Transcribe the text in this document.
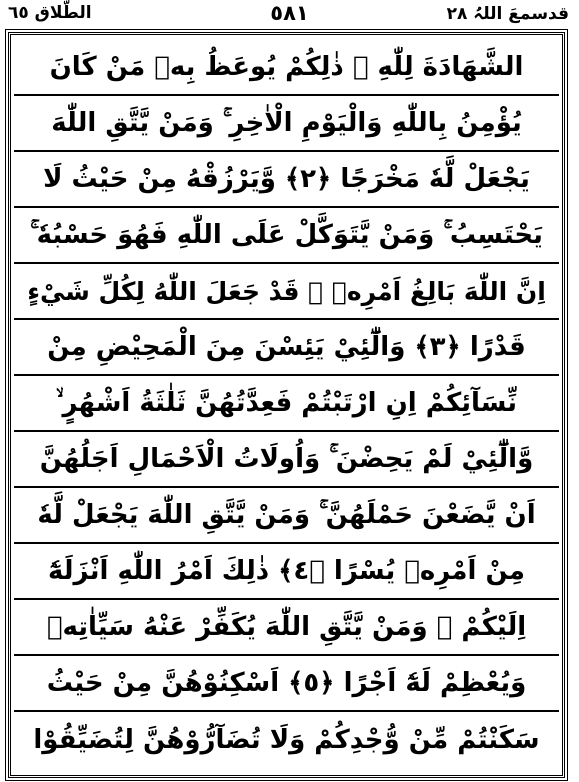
قدسمعَ اللہُ ۲۸
٥٨١
الطّلاق ٦٥
الشَّهَادَةَ لِلّٰهِ ۚ ذٰلِكُمْ يُوعَظُ بِهٖ مَنْ كَانَ
يُؤْمِنُ بِاللّٰهِ وَالْيَوْمِ الْاٰخِرِ ۚ وَمَنْ يَّتَّقِ اللّٰهَ
يَجْعَلْ لَّهٗ مَخْرَجًا ﴿٢﴾ وَّيَرْزُقْهُ مِنْ حَيْثُ لَا
يَحْتَسِبُ ۚ وَمَنْ يَّتَوَكَّلْ عَلَى اللّٰهِ فَهُوَ حَسْبُهٗ ۚ
اِنَّ اللّٰهَ بَالِغُ اَمْرِهٖ ۚ قَدْ جَعَلَ اللّٰهُ لِكُلِّ شَيْءٍ
قَدْرًا ﴿٣﴾ وَالّٰٓئِيْ يَئِسْنَ مِنَ الْمَحِيْضِ مِنْ
نِّسَآئِكُمْ اِنِ ارْتَبْتُمْ فَعِدَّتُهُنَّ ثَلٰثَةُ اَشْهُرٍ ۙ
وَّالّٰٓئِيْ لَمْ يَحِضْنَ ۚ وَاُولَاتُ الْاَحْمَالِ اَجَلُهُنَّ
اَنْ يَّضَعْنَ حَمْلَهُنَّ ۚ وَمَنْ يَّتَّقِ اللّٰهَ يَجْعَلْ لَّهٗ
مِنْ اَمْرِهٖ يُسْرًا ﴿٤﴾ ذٰلِكَ اَمْرُ اللّٰهِ اَنْزَلَهٗٓ
اِلَيْكُمْ ۚ وَمَنْ يَّتَّقِ اللّٰهَ يُكَفِّرْ عَنْهُ سَيِّاٰتِهٖ
وَيُعْظِمْ لَهٗٓ اَجْرًا ﴿٥﴾ اَسْكِنُوْهُنَّ مِنْ حَيْثُ
سَكَنْتُمْ مِّنْ وُّجْدِكُمْ وَلَا تُضَآرُّوْهُنَّ لِتُضَيِّقُوْا
